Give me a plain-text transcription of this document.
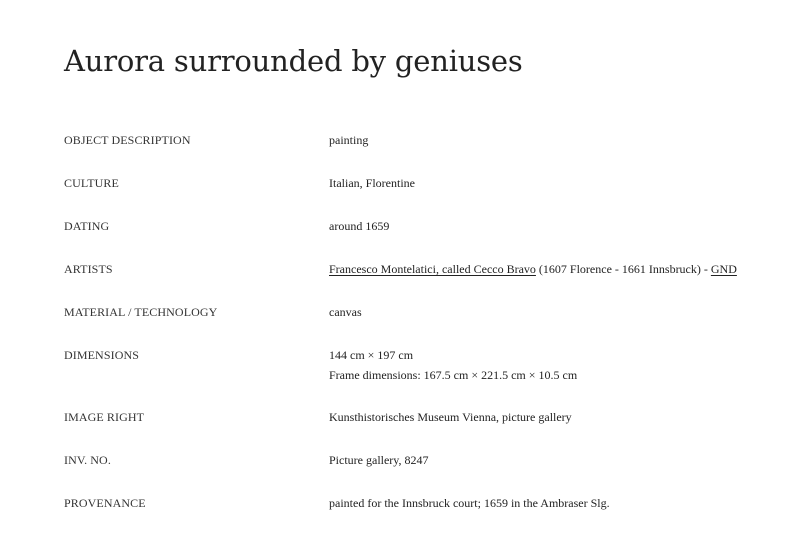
Aurora surrounded by geniuses
OBJECT DESCRIPTION	painting
CULTURE	Italian, Florentine
DATING	around 1659
ARTISTS	Francesco Montelatici, called Cecco Bravo (1607 Florence - 1661 Innsbruck) - GND
MATERIAL / TECHNOLOGY	canvas
DIMENSIONS	144 cm × 197 cm
Frame dimensions: 167.5 cm × 221.5 cm × 10.5 cm
IMAGE RIGHT	Kunsthistorisches Museum Vienna, picture gallery
INV. NO.	Picture gallery, 8247
PROVENANCE	painted for the Innsbruck court; 1659 in the Ambraser Slg.
